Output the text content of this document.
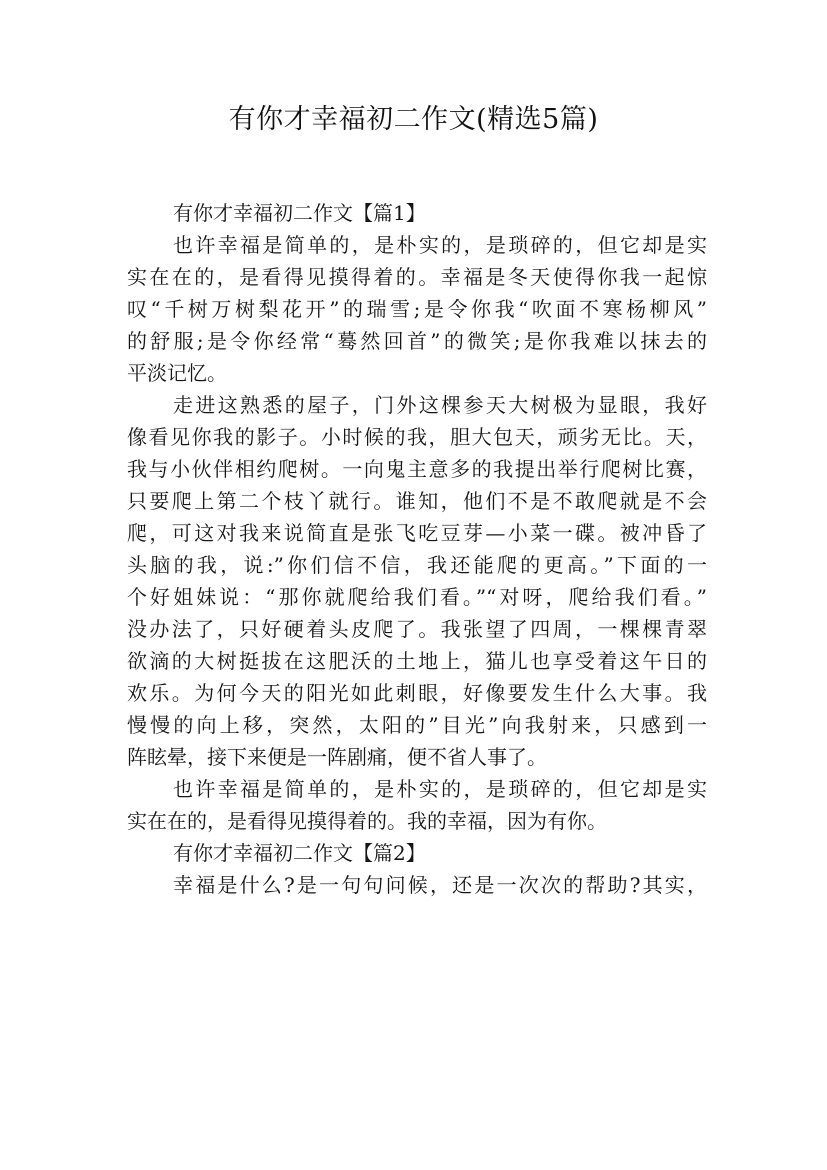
有你才幸福初二作文(精选5篇)

有你才幸福初二作文【篇1】

也许幸福是简单的，是朴实的，是琐碎的，但它却是实

实在在的，是看得见摸得着的。幸福是冬天使得你我一起惊

叹“千树万树梨花开”的瑞雪;是令你我“吹面不寒杨柳风”

的舒服;是令你经常“蓦然回首”的微笑;是你我难以抹去的

平淡记忆。

走进这熟悉的屋子，门外这棵参天大树极为显眼，我好

像看见你我的影子。小时候的我，胆大包天，顽劣无比。天，

我与小伙伴相约爬树。一向鬼主意多的我提出举行爬树比赛，

只要爬上第二个枝丫就行。谁知，他们不是不敢爬就是不会

爬，可这对我来说简直是张飞吃豆芽—小菜一碟。被冲昏了

头脑的我，说:”你们信不信，我还能爬的更高。”下面的一

个好姐妹说：“那你就爬给我们看。”“对呀，爬给我们看。”

没办法了，只好硬着头皮爬了。我张望了四周，一棵棵青翠

欲滴的大树挺拔在这肥沃的土地上，猫儿也享受着这午日的

欢乐。为何今天的阳光如此刺眼，好像要发生什么大事。我

慢慢的向上移，突然，太阳的”目光”向我射来，只感到一

阵眩晕，接下来便是一阵剧痛，便不省人事了。

也许幸福是简单的，是朴实的，是琐碎的，但它却是实

实在在的，是看得见摸得着的。我的幸福，因为有你。

有你才幸福初二作文【篇2】

幸福是什么?是一句句问候，还是一次次的帮助?其实，
